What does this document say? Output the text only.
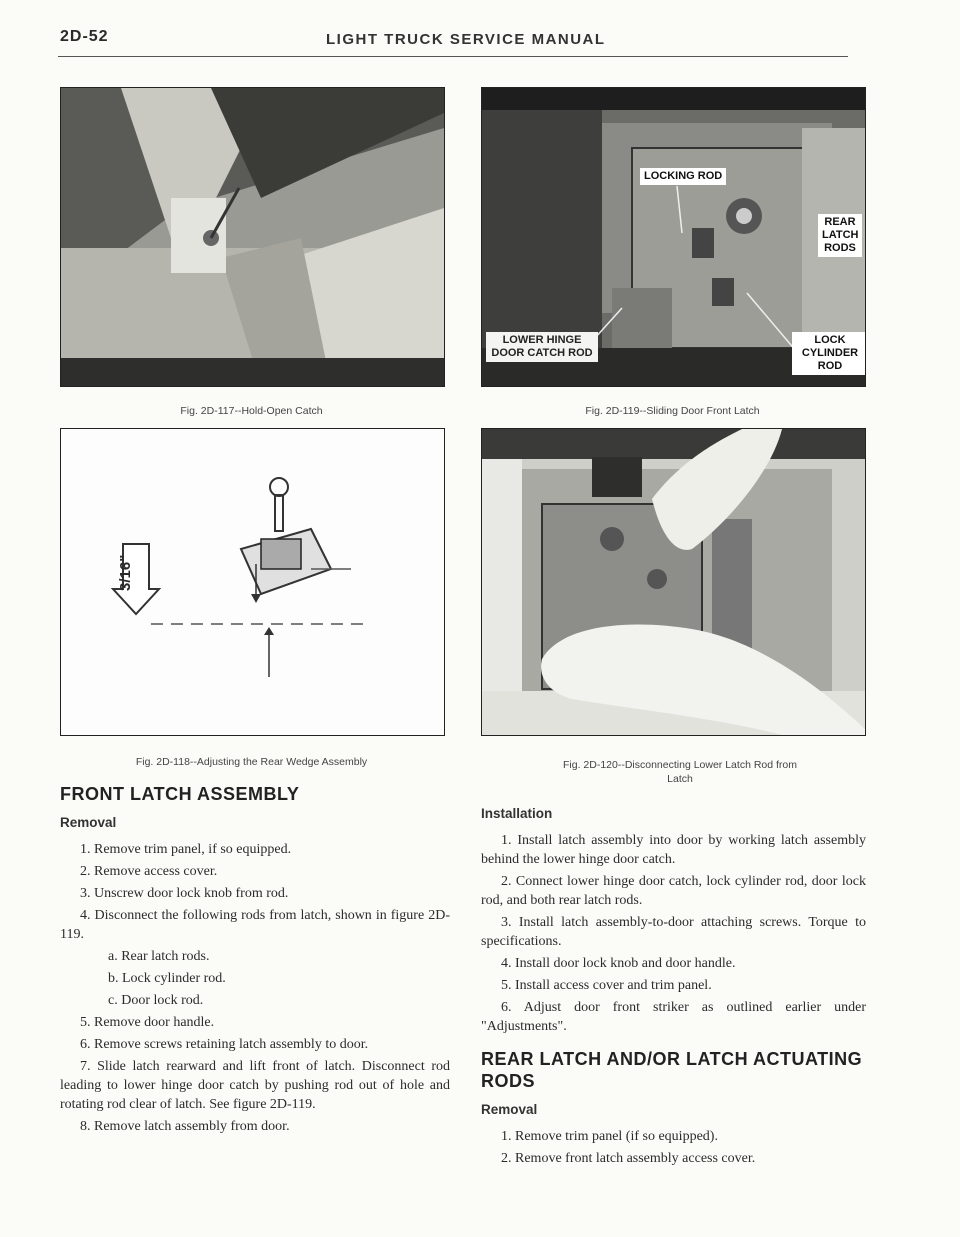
2D-52	LIGHT TRUCK SERVICE MANUAL
Fig. 2D-117--Hold-Open Catch
Fig. 2D-118--Adjusting the Rear Wedge Assembly
LOCKING ROD
REAR LATCH RODS
LOWER HINGE DOOR CATCH ROD
LOCK CYLINDER ROD
Fig. 2D-119--Sliding Door Front Latch
Fig. 2D-120--Disconnecting Lower Latch Rod from Latch
FRONT LATCH ASSEMBLY
Removal
1. Remove trim panel, if so equipped.
2. Remove access cover.
3. Unscrew door lock knob from rod.
4. Disconnect the following rods from latch, shown in figure 2D-119.
a. Rear latch rods.
b. Lock cylinder rod.
c. Door lock rod.
5. Remove door handle.
6. Remove screws retaining latch assembly to door.
7. Slide latch rearward and lift front of latch. Disconnect rod leading to lower hinge door catch by pushing rod out of hole and rotating rod clear of latch. See figure 2D-119.
8. Remove latch assembly from door.
Installation
1. Install latch assembly into door by working latch assembly behind the lower hinge door catch.
2. Connect lower hinge door catch, lock cylinder rod, door lock rod, and both rear latch rods.
3. Install latch assembly-to-door attaching screws. Torque to specifications.
4. Install door lock knob and door handle.
5. Install access cover and trim panel.
6. Adjust door front striker as outlined earlier under "Adjustments".
REAR LATCH AND/OR LATCH ACTUATING RODS
Removal
1. Remove trim panel (if so equipped).
2. Remove front latch assembly access cover.
